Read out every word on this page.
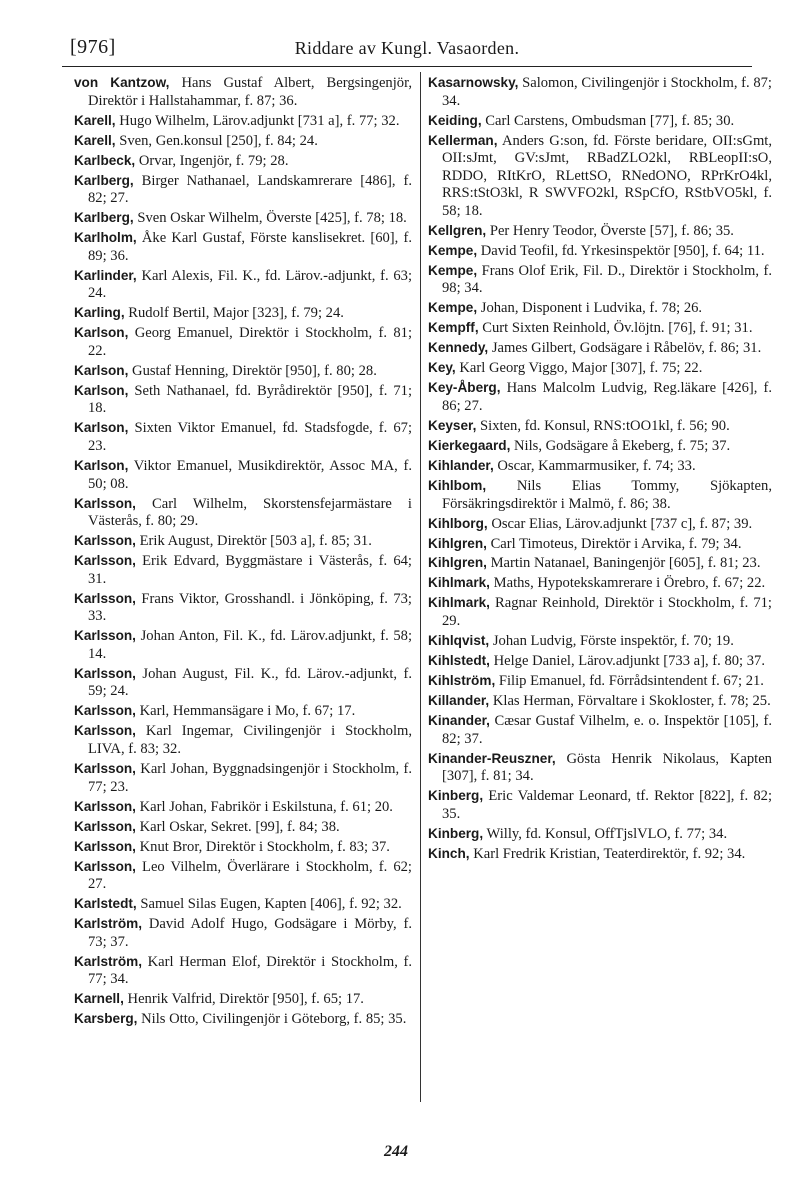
[976]	Riddare av Kungl. Vasaorden.
von Kantzow, Hans Gustaf Albert, Bergsingenjör, Direktör i Hallstahammar, f. 87; 36.
Karell, Hugo Wilhelm, Lärov.adjunkt [731 a], f. 77; 32.
Karell, Sven, Gen.konsul [250], f. 84; 24.
Karlbeck, Orvar, Ingenjör, f. 79; 28.
Karlberg, Birger Nathanael, Landskamrerare [486], f. 82; 27.
Karlberg, Sven Oskar Wilhelm, Överste [425], f. 78; 18.
Karlholm, Åke Karl Gustaf, Förste kanslisekret. [60], f. 89; 36.
Karlinder, Karl Alexis, Fil. K., fd. Lärov.-adjunkt, f. 63; 24.
Karling, Rudolf Bertil, Major [323], f. 79; 24.
Karlson, Georg Emanuel, Direktör i Stockholm, f. 81; 22.
Karlson, Gustaf Henning, Direktör [950], f. 80; 28.
Karlson, Seth Nathanael, fd. Byrådirektör [950], f. 71; 18.
Karlson, Sixten Viktor Emanuel, fd. Stadsfogde, f. 67; 23.
Karlson, Viktor Emanuel, Musikdirektör, Assoc MA, f. 50; 08.
Karlsson, Carl Wilhelm, Skorstensfejarmästare i Västerås, f. 80; 29.
Karlsson, Erik August, Direktör [503 a], f. 85; 31.
Karlsson, Erik Edvard, Byggmästare i Västerås, f. 64; 31.
Karlsson, Frans Viktor, Grosshandl. i Jönköping, f. 73; 33.
Karlsson, Johan Anton, Fil. K., fd. Lärov.adjunkt, f. 58; 14.
Karlsson, Johan August, Fil. K., fd. Lärov.-adjunkt, f. 59; 24.
Karlsson, Karl, Hemmansägare i Mo, f. 67; 17.
Karlsson, Karl Ingemar, Civilingenjör i Stockholm, LIVA, f. 83; 32.
Karlsson, Karl Johan, Byggnadsingenjör i Stockholm, f. 77; 23.
Karlsson, Karl Johan, Fabrikör i Eskilstuna, f. 61; 20.
Karlsson, Karl Oskar, Sekret. [99], f. 84; 38.
Karlsson, Knut Bror, Direktör i Stockholm, f. 83; 37.
Karlsson, Leo Vilhelm, Överlärare i Stockholm, f. 62; 27.
Karlstedt, Samuel Silas Eugen, Kapten [406], f. 92; 32.
Karlström, David Adolf Hugo, Godsägare i Mörby, f. 73; 37.
Karlström, Karl Herman Elof, Direktör i Stockholm, f. 77; 34.
Karnell, Henrik Valfrid, Direktör [950], f. 65; 17.
Karsberg, Nils Otto, Civilingenjör i Göteborg, f. 85; 35.
Kasarnowsky, Salomon, Civilingenjör i Stockholm, f. 87; 34.
Keiding, Carl Carstens, Ombudsman [77], f. 85; 30.
Kellerman, Anders G:son, fd. Förste beridare, OII:sGmt, OII:sJmt, GV:sJmt, RBadZLO2kl, RBLeopII:sO, RDDO, RItKrO, RLettSO, RNedONO, RPrKrO4kl, RRS:tStO3kl, R SWVFO2kl, RSpCfO, RStbVO5kl, f. 58; 18.
Kellgren, Per Henry Teodor, Överste [57], f. 86; 35.
Kempe, David Teofil, fd. Yrkesinspektör [950], f. 64; 11.
Kempe, Frans Olof Erik, Fil. D., Direktör i Stockholm, f. 98; 34.
Kempe, Johan, Disponent i Ludvika, f. 78; 26.
Kempff, Curt Sixten Reinhold, Öv.löjtn. [76], f. 91; 31.
Kennedy, James Gilbert, Godsägare i Råbelöv, f. 86; 31.
Key, Karl Georg Viggo, Major [307], f. 75; 22.
Key-Åberg, Hans Malcolm Ludvig, Reg.läkare [426], f. 86; 27.
Keyser, Sixten, fd. Konsul, RNS:tOO1kl, f. 56; 90.
Kierkegaard, Nils, Godsägare å Ekeberg, f. 75; 37.
Kihlander, Oscar, Kammarmusiker, f. 74; 33.
Kihlbom, Nils Elias Tommy, Sjökapten, Försäkringsdirektör i Malmö, f. 86; 38.
Kihlborg, Oscar Elias, Lärov.adjunkt [737 c], f. 87; 39.
Kihlgren, Carl Timoteus, Direktör i Arvika, f. 79; 34.
Kihlgren, Martin Natanael, Baningenjör [605], f. 81; 23.
Kihlmark, Maths, Hypotekskamrerare i Örebro, f. 67; 22.
Kihlmark, Ragnar Reinhold, Direktör i Stockholm, f. 71; 29.
Kihlqvist, Johan Ludvig, Förste inspektör, f. 70; 19.
Kihlstedt, Helge Daniel, Lärov.adjunkt [733 a], f. 80; 37.
Kihlström, Filip Emanuel, fd. Förrådsintendent f. 67; 21.
Killander, Klas Herman, Förvaltare i Skokloster, f. 78; 25.
Kinander, Cæsar Gustaf Vilhelm, e. o. Inspektör [105], f. 82; 37.
Kinander-Reuszner, Gösta Henrik Nikolaus, Kapten [307], f. 81; 34.
Kinberg, Eric Valdemar Leonard, tf. Rektor [822], f. 82; 35.
Kinberg, Willy, fd. Konsul, OffTjslVLO, f. 77; 34.
Kinch, Karl Fredrik Kristian, Teaterdirektör, f. 92; 34.
244
